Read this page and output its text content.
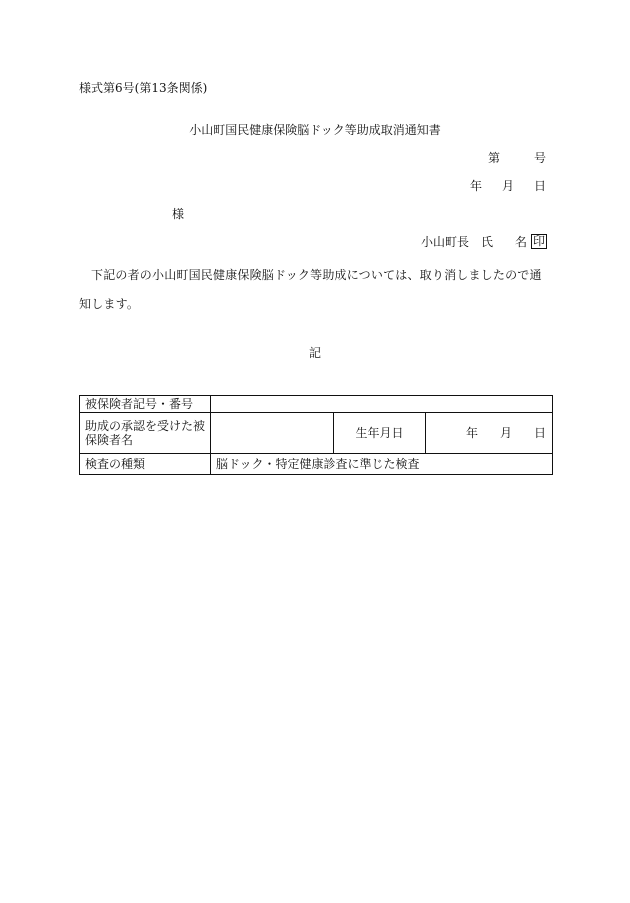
様式第6号(第13条関係)
小山町国民健康保険脳ドック等助成取消通知書
第	号
年 月 日
様
小山町長 氏 名 印
下記の者の小山町国民健康保険脳ドック等助成については、取り消しましたので通知します。
記
被保険者記号・番号			
助成の承認を受けた被保険者名		生年月日	年 月 日
検査の種類	脳ドック・特定健康診査に準じた検査		
